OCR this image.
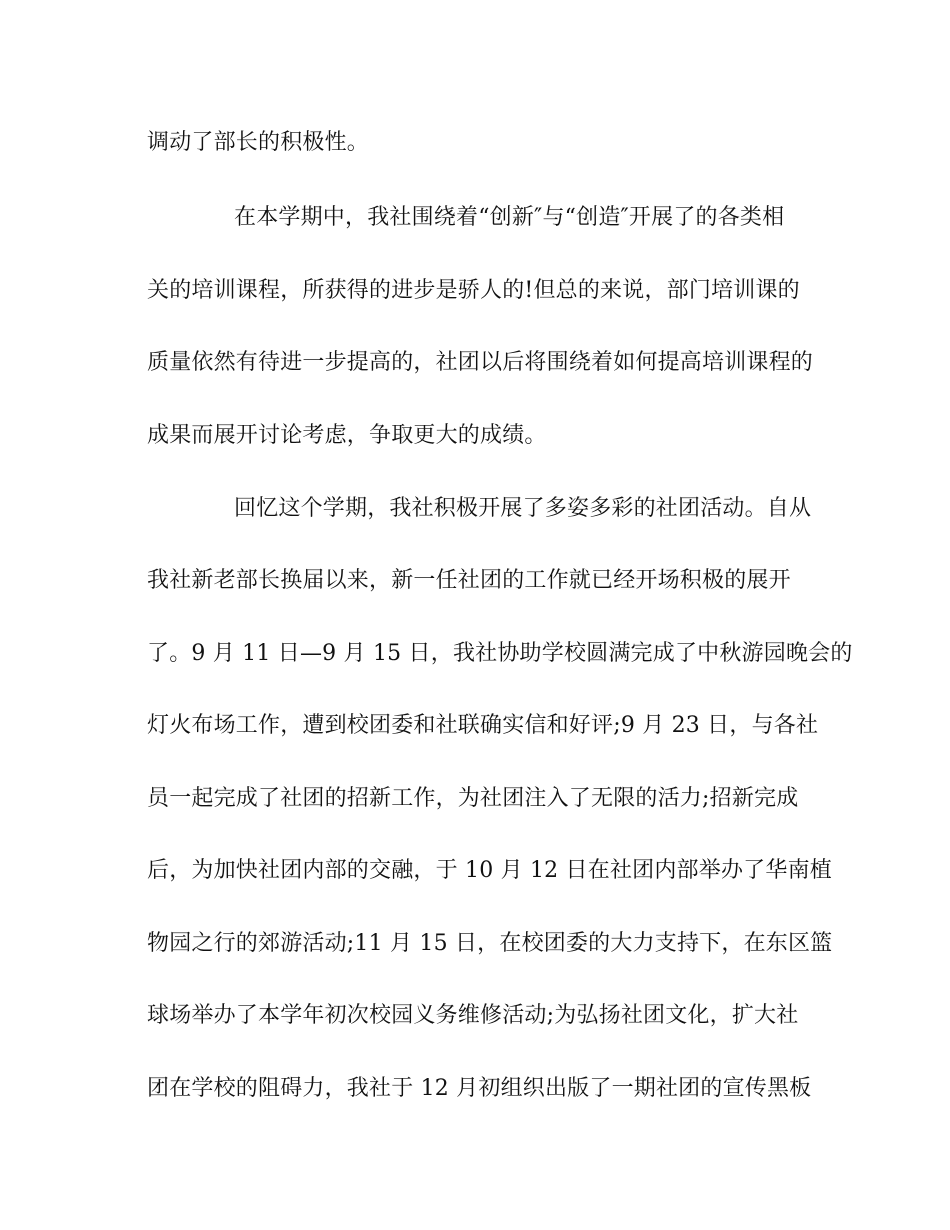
调动了部长的积极性。
在本学期中，我社围绕着“创新″与“创造″开展了的各类相
关的培训课程，所获得的进步是骄人的!但总的来说，部门培训课的
质量依然有待进一步提高的，社团以后将围绕着如何提高培训课程的
成果而展开讨论考虑，争取更大的成绩。
回忆这个学期，我社积极开展了多姿多彩的社团活动。自从
我社新老部长换届以来，新一任社团的工作就已经开场积极的展开
了。9 月 11 日—9 月 15 日，我社协助学校圆满完成了中秋游园晚会的
灯火布场工作，遭到校团委和社联确实信和好评;9 月 23 日，与各社
员一起完成了社团的招新工作，为社团注入了无限的活力;招新完成
后，为加快社团内部的交融，于 10 月 12 日在社团内部举办了华南植
物园之行的郊游活动;11 月 15 日，在校团委的大力支持下，在东区篮
球场举办了本学年初次校园义务维修活动;为弘扬社团文化，扩大社
团在学校的阻碍力，我社于 12 月初组织出版了一期社团的宣传黑板
